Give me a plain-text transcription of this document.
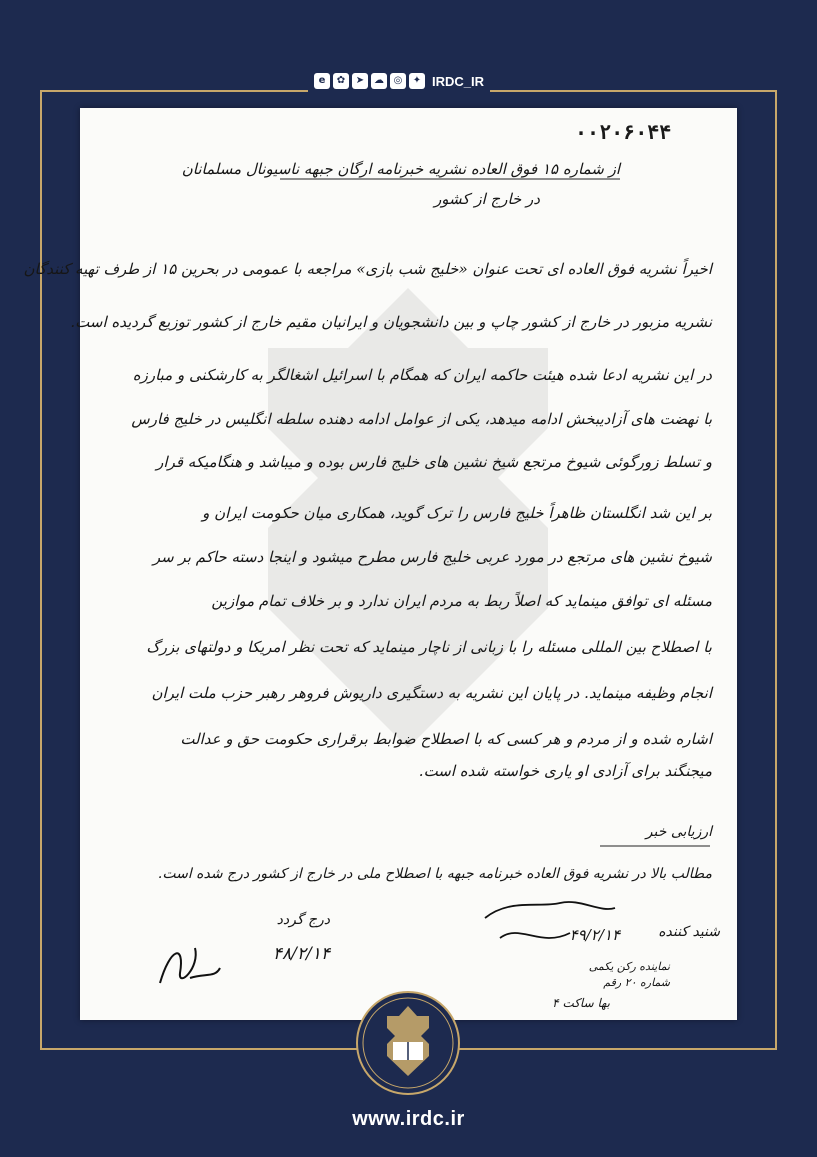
e	✿	➤ ☁ ◎	✦ IRDC_IR
۰۰۲۰۶۰۴۴
از شماره ۱۵ فوق العاده نشریه خبرنامه ارگان جبهه ناسیونال مسلمانان
در خارج از کشور
اخیراً نشریه فوق العاده ای تحت عنوان «خلیج شب بازی» مراجعه با عمومی در بحرین ۱۵ از طرف تهیه کنندگان
نشریه مزبور در خارج از کشور چاپ و بین دانشجویان و ایرانیان مقیم خارج از کشور توزیع گردیده است.
در این نشریه ادعا شده هیئت حاکمه ایران که همگام با اسرائیل اشغالگر به کارشکنی و مبارزه
با نهضت های آزادیبخش ادامه میدهد، یکی از عوامل ادامه دهنده سلطه انگلیس در خلیج فارس
و تسلط زورگوئی شیوخ مرتجع شیخ نشین های خلیج فارس بوده و میباشد و هنگامیکه قرار
بر این شد انگلستان ظاهراً خلیج فارس را ترک گوید، همکاری میان حکومت ایران و
شیوخ نشین های مرتجع در مورد عربی خلیج فارس مطرح میشود و اینجا دسته حاکم بر سر
مسئله ای توافق مینماید که اصلاً ربط به مردم ایران ندارد و بر خلاف تمام موازین
با اصطلاح بین المللی مسئله را با زبانی از ناچار مینماید که تحت نظر امریکا و دولتهای بزرگ
انجام وظیفه مینماید. در پایان این نشریه به دستگیری داریوش فروهر رهبر حزب ملت ایران
اشاره شده و از مردم و هر کسی که با اصطلاح ضوابط برقراری حکومت حق و عدالت
میجنگند برای آزادی او یاری خواسته شده است.
ارزیابی خبر
مطالب بالا در نشریه فوق العاده خبرنامه جبهه با اصطلاح ملی در خارج از کشور درج شده است.
درج گردد
۴۸/۲/۱۴
شنید کننده
۴۹/۲/۱۴
نماینده رکن یکمی
شماره ۲۰ رقم
بها ساکت ۴
www.irdc.ir
